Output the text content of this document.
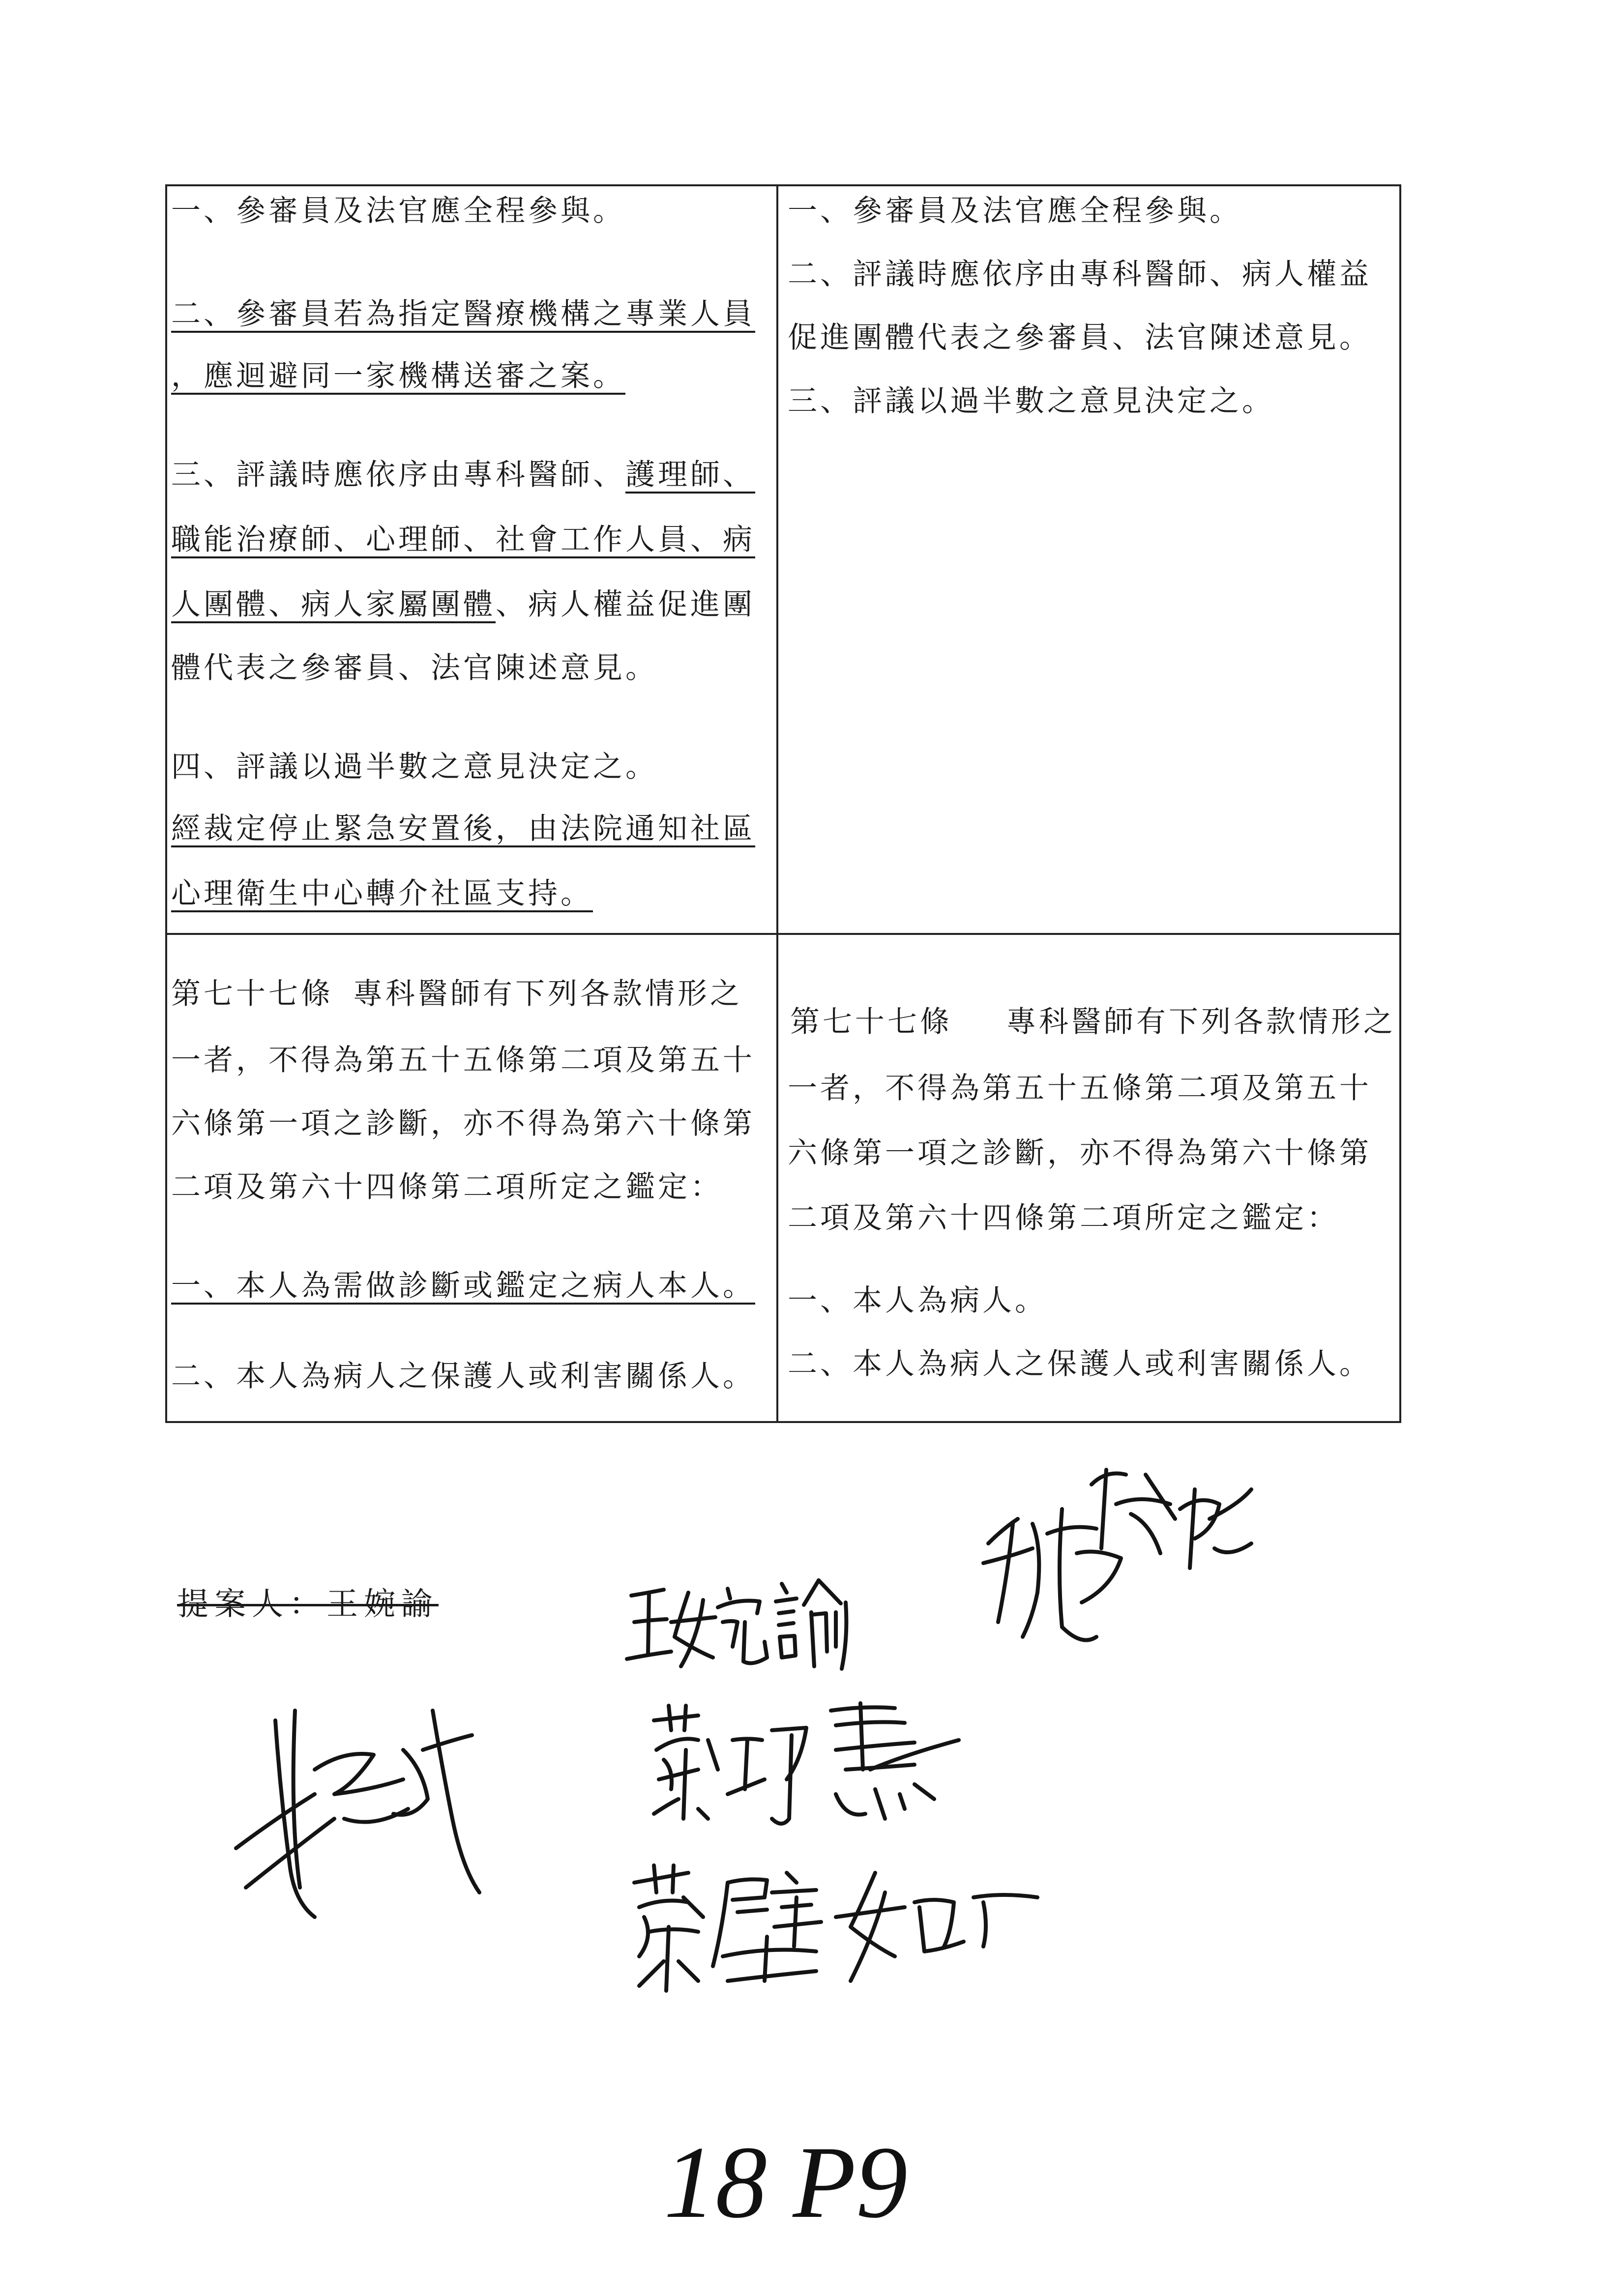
一、參審員及法官應全程參與。
二、參審員若為指定醫療機構之專業人員
，應迴避同一家機構送審之案。
三、評議時應依序由專科醫師、護理師、
職能治療師、心理師、社會工作人員、病
人團體、病人家屬團體、病人權益促進團
體代表之參審員、法官陳述意見。
四、評議以過半數之意見決定之。
經裁定停止緊急安置後，由法院通知社區
心理衛生中心轉介社區支持。
一、參審員及法官應全程參與。
二、評議時應依序由專科醫師、病人權益
促進團體代表之參審員、法官陳述意見。
三、評議以過半數之意見決定之。
第七十七條 專科醫師有下列各款情形之
一者，不得為第五十五條第二項及第五十
六條第一項之診斷，亦不得為第六十條第
二項及第六十四條第二項所定之鑑定：
一、本人為需做診斷或鑑定之病人本人。
二、本人為病人之保護人或利害關係人。
第七十七條 專科醫師有下列各款情形之
一者，不得為第五十五條第二項及第五十
六條第一項之診斷，亦不得為第六十條第
二項及第六十四條第二項所定之鑑定：
一、本人為病人。
二、本人為病人之保護人或利害關係人。
提案人：王婉諭
18 P9
